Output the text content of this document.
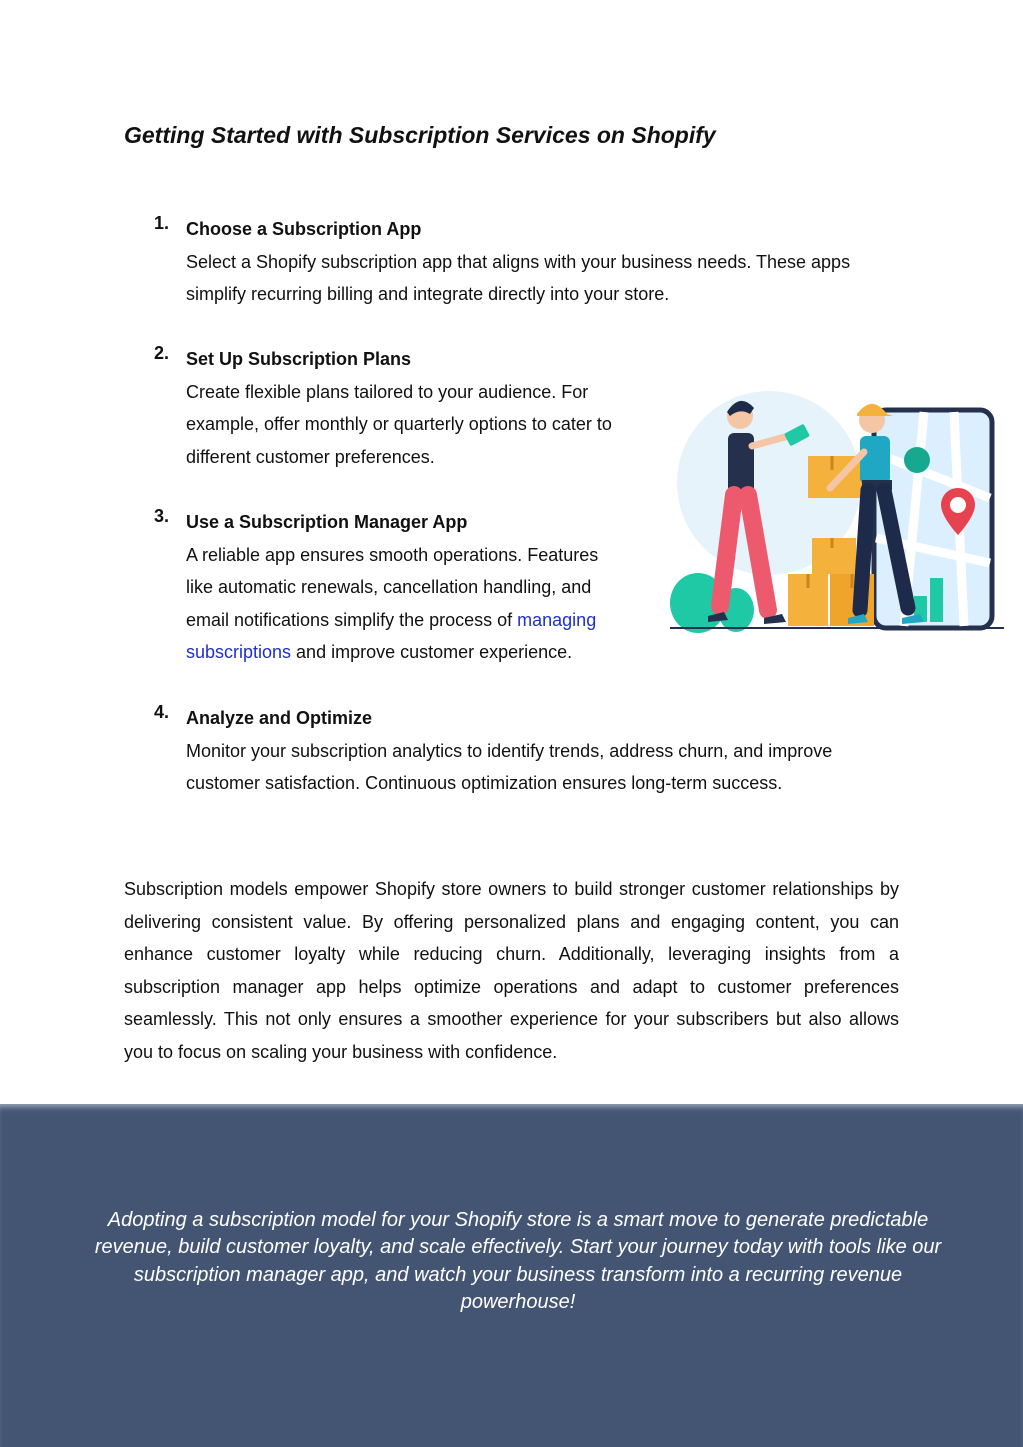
Getting Started with Subscription Services on Shopify
1. Choose a Subscription App
Select a Shopify subscription app that aligns with your business needs. These apps
simplify recurring billing and integrate directly into your store.
2. Set Up Subscription Plans
Create flexible plans tailored to your audience. For
example, offer monthly or quarterly options to cater to
different customer preferences.
3. Use a Subscription Manager App
A reliable app ensures smooth operations. Features
like automatic renewals, cancellation handling, and
email notifications simplify the process of managing
subscriptions and improve customer experience.
4. Analyze and Optimize
Monitor your subscription analytics to identify trends, address churn, and improve
customer satisfaction. Continuous optimization ensures long-term success.

Subscription models empower Shopify store owners to build stronger customer relationships by delivering consistent value. By offering personalized plans and engaging content, you can enhance customer loyalty while reducing churn. Additionally, leveraging insights from a subscription manager app helps optimize operations and adapt to customer preferences seamlessly. This not only ensures a smoother experience for your subscribers but also allows you to focus on scaling your business with confidence.

Adopting a subscription model for your Shopify store is a smart move to generate predictable revenue, build customer loyalty, and scale effectively. Start your journey today with tools like our subscription manager app, and watch your business transform into a recurring revenue powerhouse!
